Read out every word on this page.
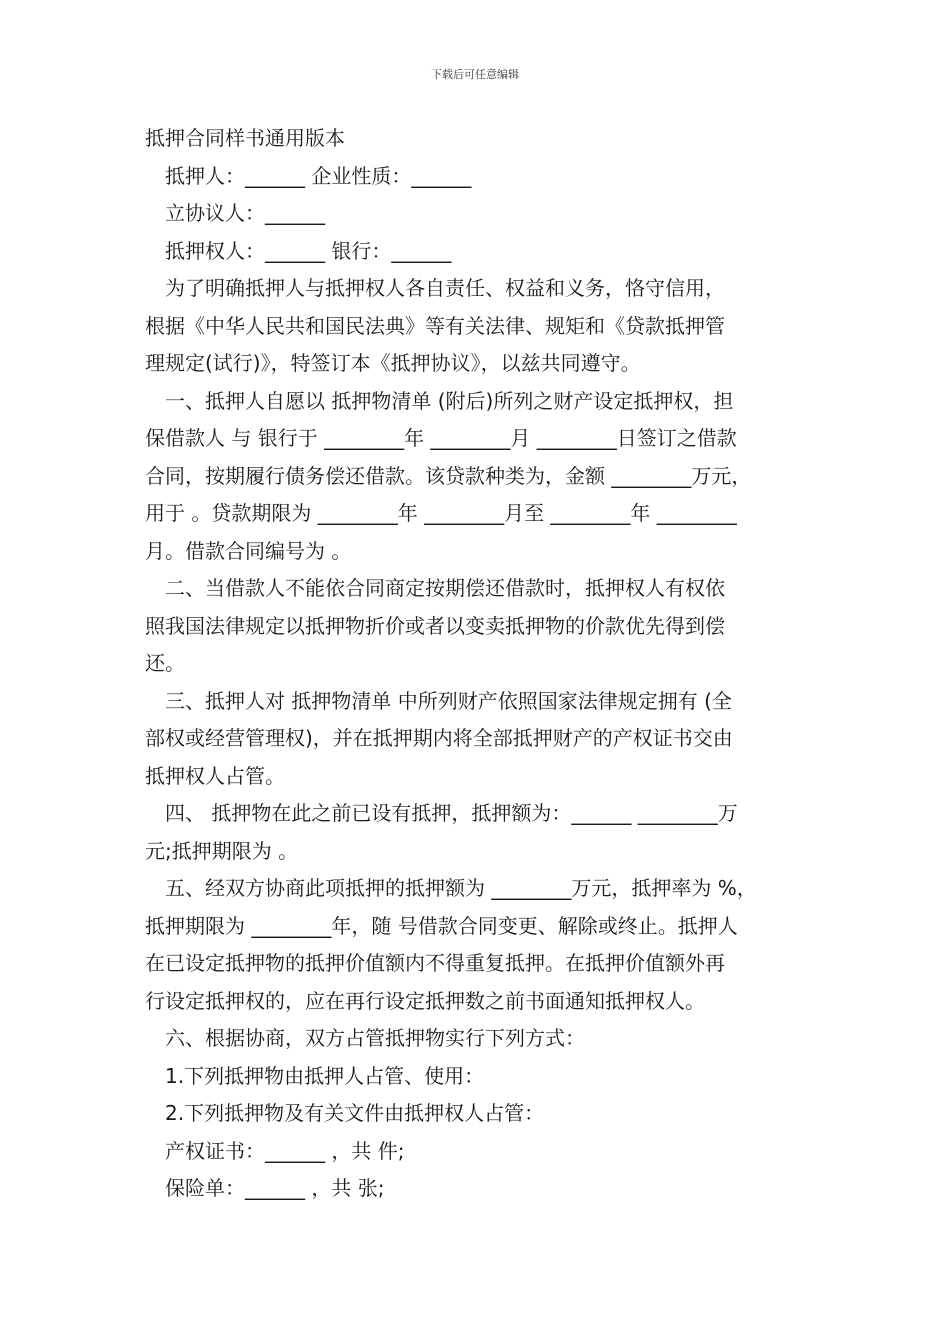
下载后可任意编辑
抵押合同样书通用版本
抵押人：______ 企业性质：______
立协议人：______
抵押权人：______ 银行：______
为了明确抵押人与抵押权人各自责任、权益和义务，恪守信用，
根据《中华人民共和国民法典》等有关法律、规矩和《贷款抵押管
理规定(试行)》，特签订本《抵押协议》，以兹共同遵守。
一、抵押人自愿以 抵押物清单 (附后)所列之财产设定抵押权，担
保借款人 与 银行于 ________年 ________月 ________日签订之借款
合同，按期履行债务偿还借款。该贷款种类为，金额 ________万元，
用于 。贷款期限为 ________年 ________月至 ________年 ________
月。借款合同编号为 。
二、当借款人不能依合同商定按期偿还借款时，抵押权人有权依
照我国法律规定以抵押物折价或者以变卖抵押物的价款优先得到偿
还。
三、抵押人对 抵押物清单 中所列财产依照国家法律规定拥有 (全
部权或经营管理权)，并在抵押期内将全部抵押财产的产权证书交由
抵押权人占管。
四、 抵押物在此之前已设有抵押，抵押额为：______ ________万
元;抵押期限为 。
五、经双方协商此项抵押的抵押额为 ________万元，抵押率为 %，
抵押期限为 ________年，随 号借款合同变更、解除或终止。抵押人
在已设定抵押物的抵押价值额内不得重复抵押。在抵押价值额外再
行设定抵押权的，应在再行设定抵押数之前书面通知抵押权人。
六、根据协商，双方占管抵押物实行下列方式：
1.下列抵押物由抵押人占管、使用：
2.下列抵押物及有关文件由抵押权人占管：
产权证书：______ ，共 件;
保险单：______ ，共 张;
